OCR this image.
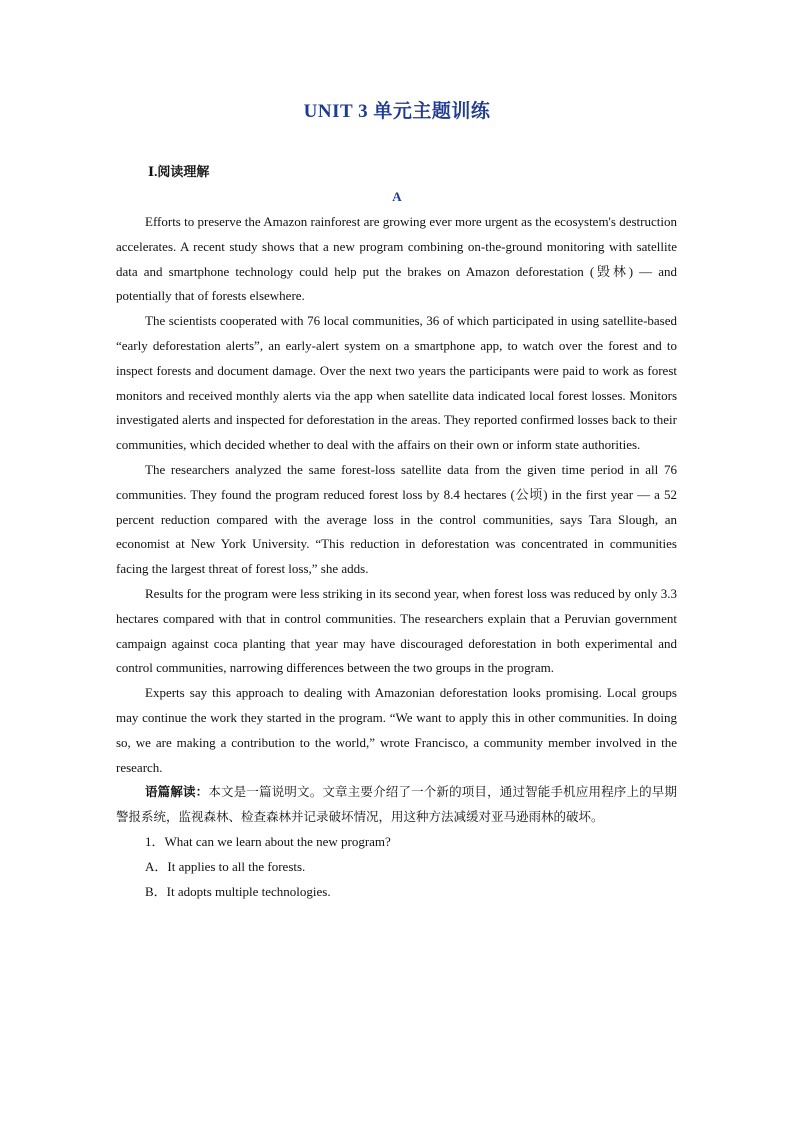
UNIT 3 单元主题训练
Ⅰ.阅读理解
A

Efforts to preserve the Amazon rainforest are growing ever more urgent as the ecosystem's destruction accelerates. A recent study shows that a new program combining on-the-ground monitoring with satellite data and smartphone technology could help put the brakes on Amazon deforestation (毁林) — and potentially that of forests elsewhere.

The scientists cooperated with 76 local communities, 36 of which participated in using satellite-based “early deforestation alerts”, an early-alert system on a smartphone app, to watch over the forest and to inspect forests and document damage. Over the next two years the participants were paid to work as forest monitors and received monthly alerts via the app when satellite data indicated local forest losses. Monitors investigated alerts and inspected for deforestation in the areas. They reported confirmed losses back to their communities, which decided whether to deal with the affairs on their own or inform state authorities.

The researchers analyzed the same forest-loss satellite data from the given time period in all 76 communities. They found the program reduced forest loss by 8.4 hectares (公顷) in the first year — a 52 percent reduction compared with the average loss in the control communities, says Tara Slough, an economist at New York University. “This reduction in deforestation was concentrated in communities facing the largest threat of forest loss,” she adds.

Results for the program were less striking in its second year, when forest loss was reduced by only 3.3 hectares compared with that in control communities. The researchers explain that a Peruvian government campaign against coca planting that year may have discouraged deforestation in both experimental and control communities, narrowing differences between the two groups in the program.

Experts say this approach to dealing with Amazonian deforestation looks promising. Local groups may continue the work they started in the program. “We want to apply this in other communities. In doing so, we are making a contribution to the world,” wrote Francisco, a community member involved in the research.

语篇解读：本文是一篇说明文。文章主要介绍了一个新的项目，通过智能手机应用程序上的早期警报系统，监视森林、检查森林并记录破坏情况，用这种方法减缓对亚马逊雨林的破坏。

1．What can we learn about the new program?

A．It applies to all the forests.

B．It adopts multiple technologies.
